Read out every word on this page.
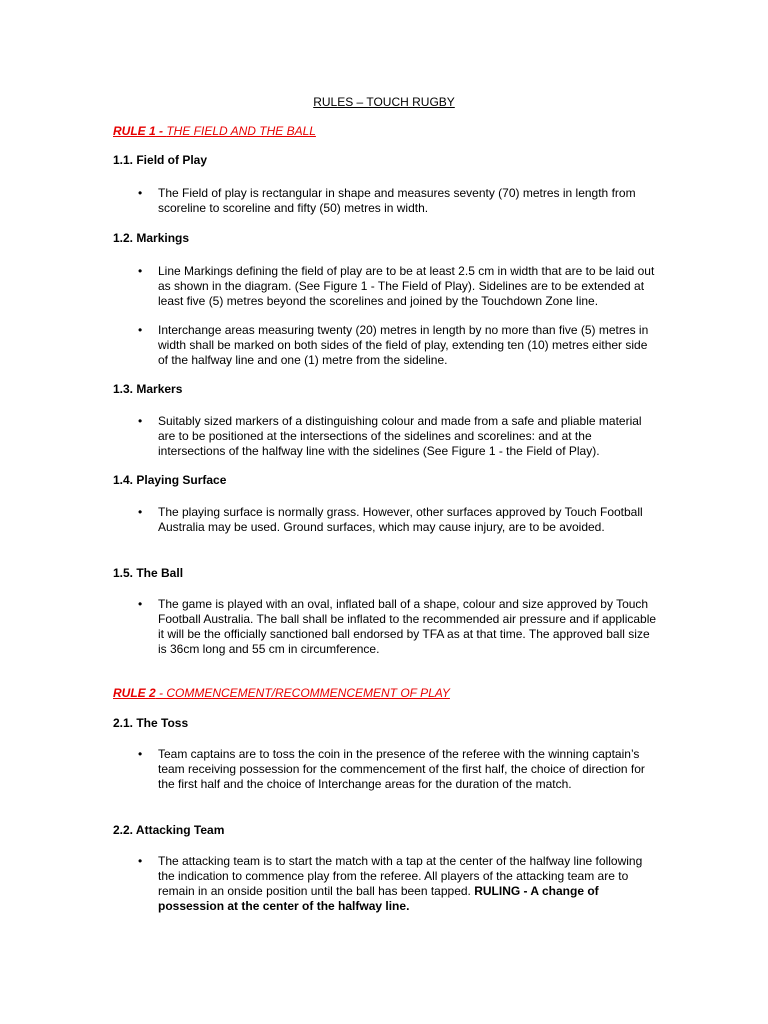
RULES – TOUCH RUGBY
RULE 1 - THE FIELD AND THE BALL
1.1. Field of Play
• The Field of play is rectangular in shape and measures seventy (70) metres in length from scoreline to scoreline and fifty (50) metres in width.
1.2. Markings
• Line Markings defining the field of play are to be at least 2.5 cm in width that are to be laid out as shown in the diagram. (See Figure 1 - The Field of Play). Sidelines are to be extended at least five (5) metres beyond the scorelines and joined by the Touchdown Zone line.
• Interchange areas measuring twenty (20) metres in length by no more than five (5) metres in width shall be marked on both sides of the field of play, extending ten (10) metres either side of the halfway line and one (1) metre from the sideline.
1.3. Markers
• Suitably sized markers of a distinguishing colour and made from a safe and pliable material are to be positioned at the intersections of the sidelines and scorelines: and at the intersections of the halfway line with the sidelines (See Figure 1 - the Field of Play).
1.4. Playing Surface
• The playing surface is normally grass. However, other surfaces approved by Touch Football Australia may be used. Ground surfaces, which may cause injury, are to be avoided.
1.5. The Ball
• The game is played with an oval, inflated ball of a shape, colour and size approved by Touch Football Australia. The ball shall be inflated to the recommended air pressure and if applicable it will be the officially sanctioned ball endorsed by TFA as at that time. The approved ball size is 36cm long and 55 cm in circumference.
RULE 2 - COMMENCEMENT/RECOMMENCEMENT OF PLAY
2.1. The Toss
• Team captains are to toss the coin in the presence of the referee with the winning captain’s team receiving possession for the commencement of the first half, the choice of direction for the first half and the choice of Interchange areas for the duration of the match.
2.2. Attacking Team
• The attacking team is to start the match with a tap at the center of the halfway line following the indication to commence play from the referee. All players of the attacking team are to remain in an onside position until the ball has been tapped. RULING - A change of possession at the center of the halfway line.
